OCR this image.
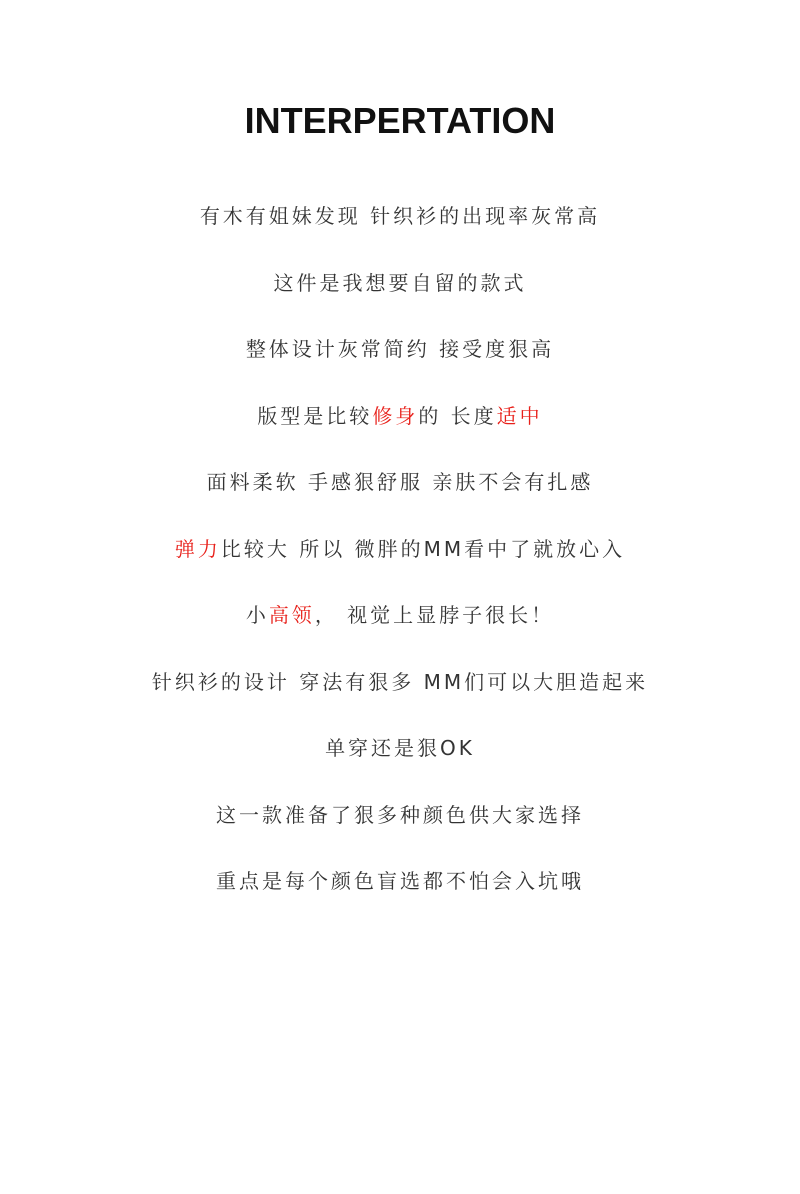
INTERPERTATION
有木有姐妹发现 针织衫的出现率灰常高
这件是我想要自留的款式
整体设计灰常简约 接受度狠高
版型是比较修身的 长度适中
面料柔软 手感狠舒服 亲肤不会有扎感
弹力比较大 所以 微胖的MM看中了就放心入
小高领， 视觉上显脖子很长！
针织衫的设计 穿法有狠多 MM们可以大胆造起来
单穿还是狠OK
这一款准备了狠多种颜色供大家选择
重点是每个颜色盲选都不怕会入坑哦
